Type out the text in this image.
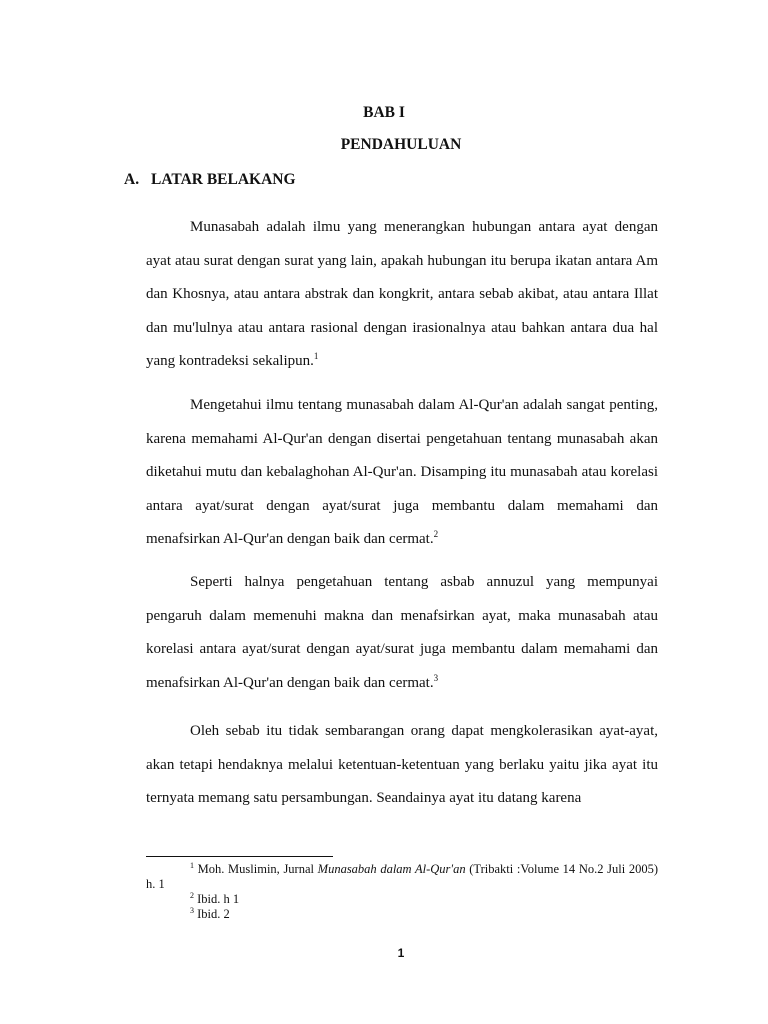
BAB I
PENDAHULUAN
A. LATAR BELAKANG

Munasabah adalah ilmu yang menerangkan hubungan antara ayat dengan ayat atau surat dengan surat yang lain, apakah hubungan itu berupa ikatan antara Am dan Khosnya, atau antara abstrak dan kongkrit, antara sebab akibat, atau antara Illat dan mu'lulnya atau antara rasional dengan irasionalnya atau bahkan antara dua hal yang kontradeksi sekalipun.$^1$

Mengetahui ilmu tentang munasabah dalam Al-Qur'an adalah sangat penting, karena memahami Al-Qur'an dengan disertai pengetahuan tentang munasabah akan diketahui mutu dan kebalaghohan Al-Qur'an. Disamping itu munasabah atau korelasi antara ayat/surat dengan ayat/surat juga membantu dalam memahami dan menafsirkan Al-Qur'an dengan baik dan cermat.$^2$

Seperti halnya pengetahuan tentang asbab annuzul yang mempunyai pengaruh dalam memenuhi makna dan menafsirkan ayat, maka munasabah atau korelasi antara ayat/surat dengan ayat/surat juga membantu dalam memahami dan menafsirkan Al-Qur'an dengan baik dan cermat.$^3$

Oleh sebab itu tidak sembarangan orang dapat mengkolerasikan ayat-ayat, akan tetapi hendaknya melalui ketentuan-ketentuan yang berlaku yaitu jika ayat itu ternyata memang satu persambungan. Seandainya ayat itu datang karena

$^1$ Moh. Muslimin, Jurnal Munasabah dalam Al-Qur'an (Tribakti :Volume 14 No.2 Juli 2005) h. 1

$^2$ Ibid. h 1

$^3$ Ibid. 2

1
